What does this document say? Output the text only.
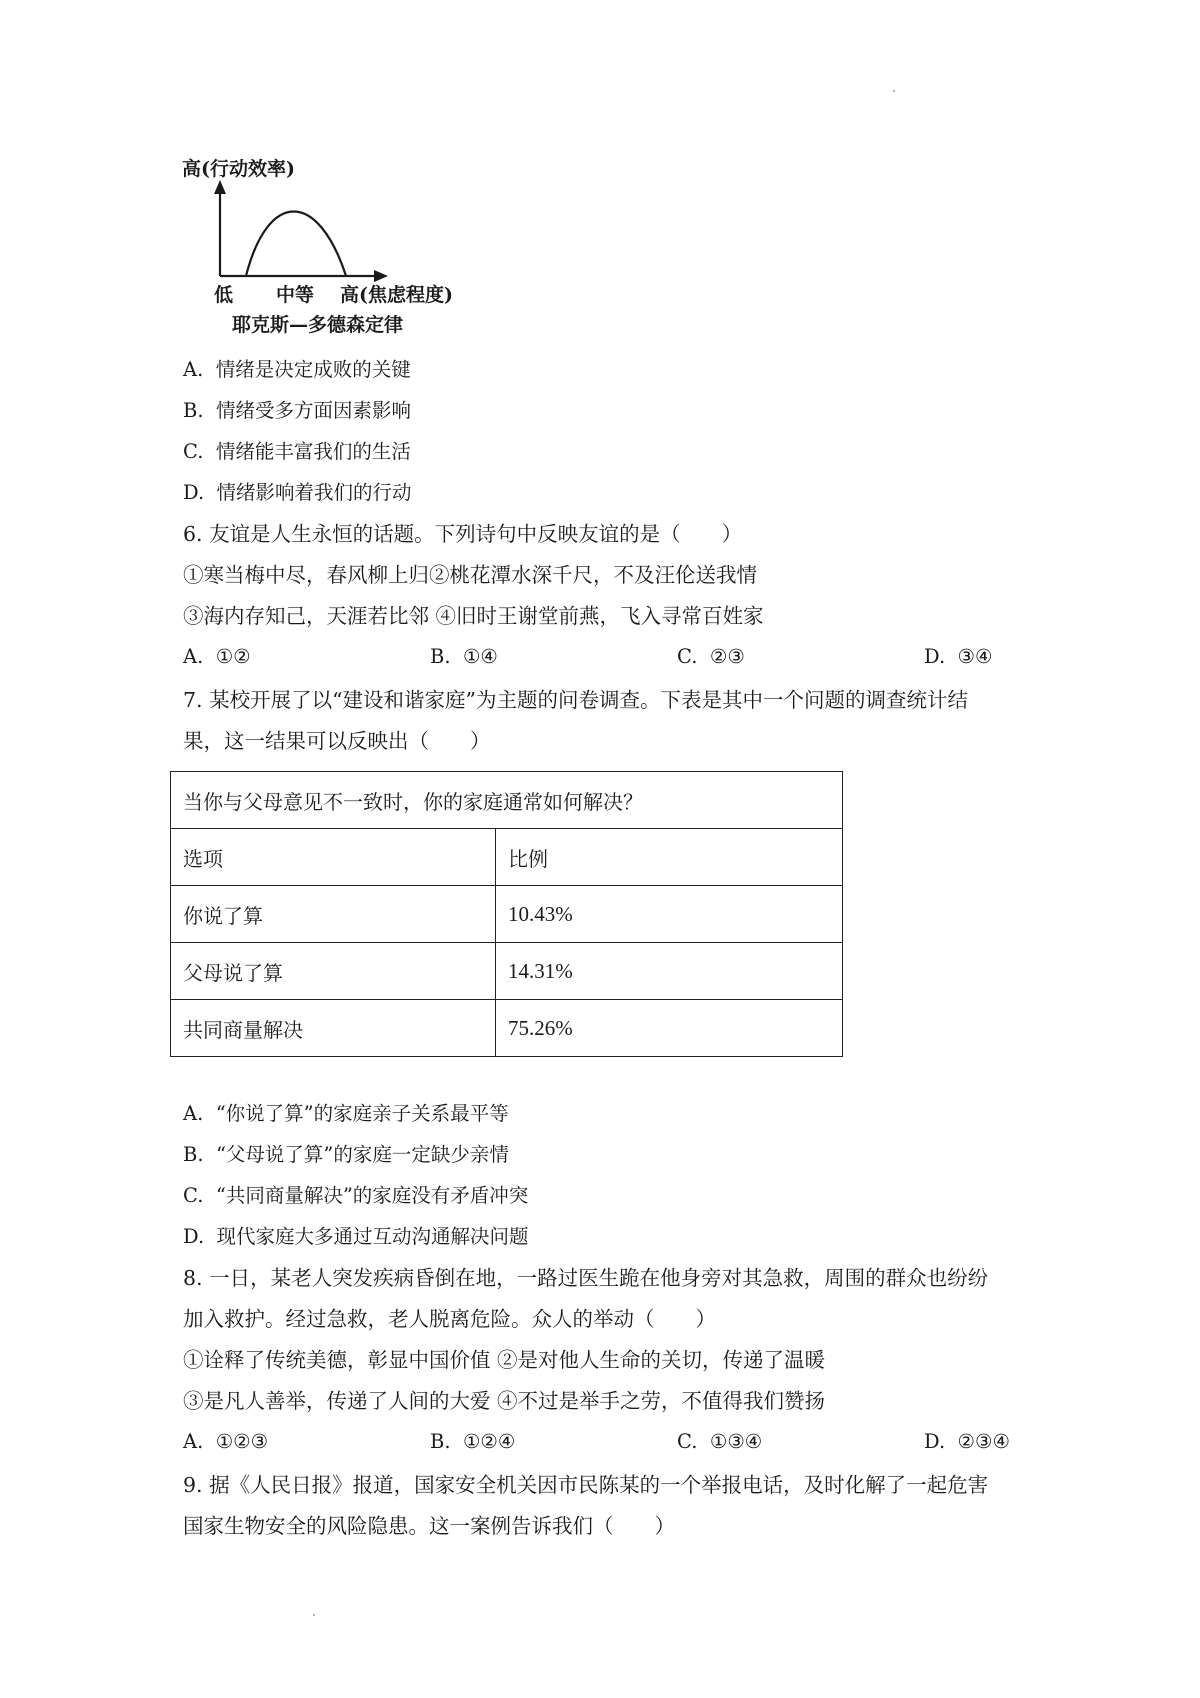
高(行动效率)
低 中等 高(焦虑程度)
耶克斯—多德森定律
A. 情绪是决定成败的关键
B. 情绪受多方面因素影响
C. 情绪能丰富我们的生活
D. 情绪影响着我们的行动
6. 友谊是人生永恒的话题。下列诗句中反映友谊的是（　　）
①寒当梅中尽，春风柳上归②桃花潭水深千尺，不及汪伦送我情
③海内存知己，天涯若比邻 ④旧时王谢堂前燕，飞入寻常百姓家
A. ①②	B. ①④	C. ②③	D. ③④
7. 某校开展了以“建设和谐家庭”为主题的问卷调查。下表是其中一个问题的调查统计结
果，这一结果可以反映出（　　）
当你与父母意见不一致时，你的家庭通常如何解决？	
选项	比例
你说了算	10.43%
父母说了算	14.31%
共同商量解决	75.26%
A. “你说了算”的家庭亲子关系最平等
B. “父母说了算”的家庭一定缺少亲情
C. “共同商量解决”的家庭没有矛盾冲突
D. 现代家庭大多通过互动沟通解决问题
8. 一日，某老人突发疾病昏倒在地，一路过医生跪在他身旁对其急救，周围的群众也纷纷
加入救护。经过急救，老人脱离危险。众人的举动（　　）
①诠释了传统美德，彰显中国价值 ②是对他人生命的关切，传递了温暖
③是凡人善举，传递了人间的大爱 ④不过是举手之劳，不值得我们赞扬
A. ①②③	B. ①②④	C. ①③④	D. ②③④
9. 据《人民日报》报道，国家安全机关因市民陈某的一个举报电话，及时化解了一起危害
国家生物安全的风险隐患。这一案例告诉我们（　　）
